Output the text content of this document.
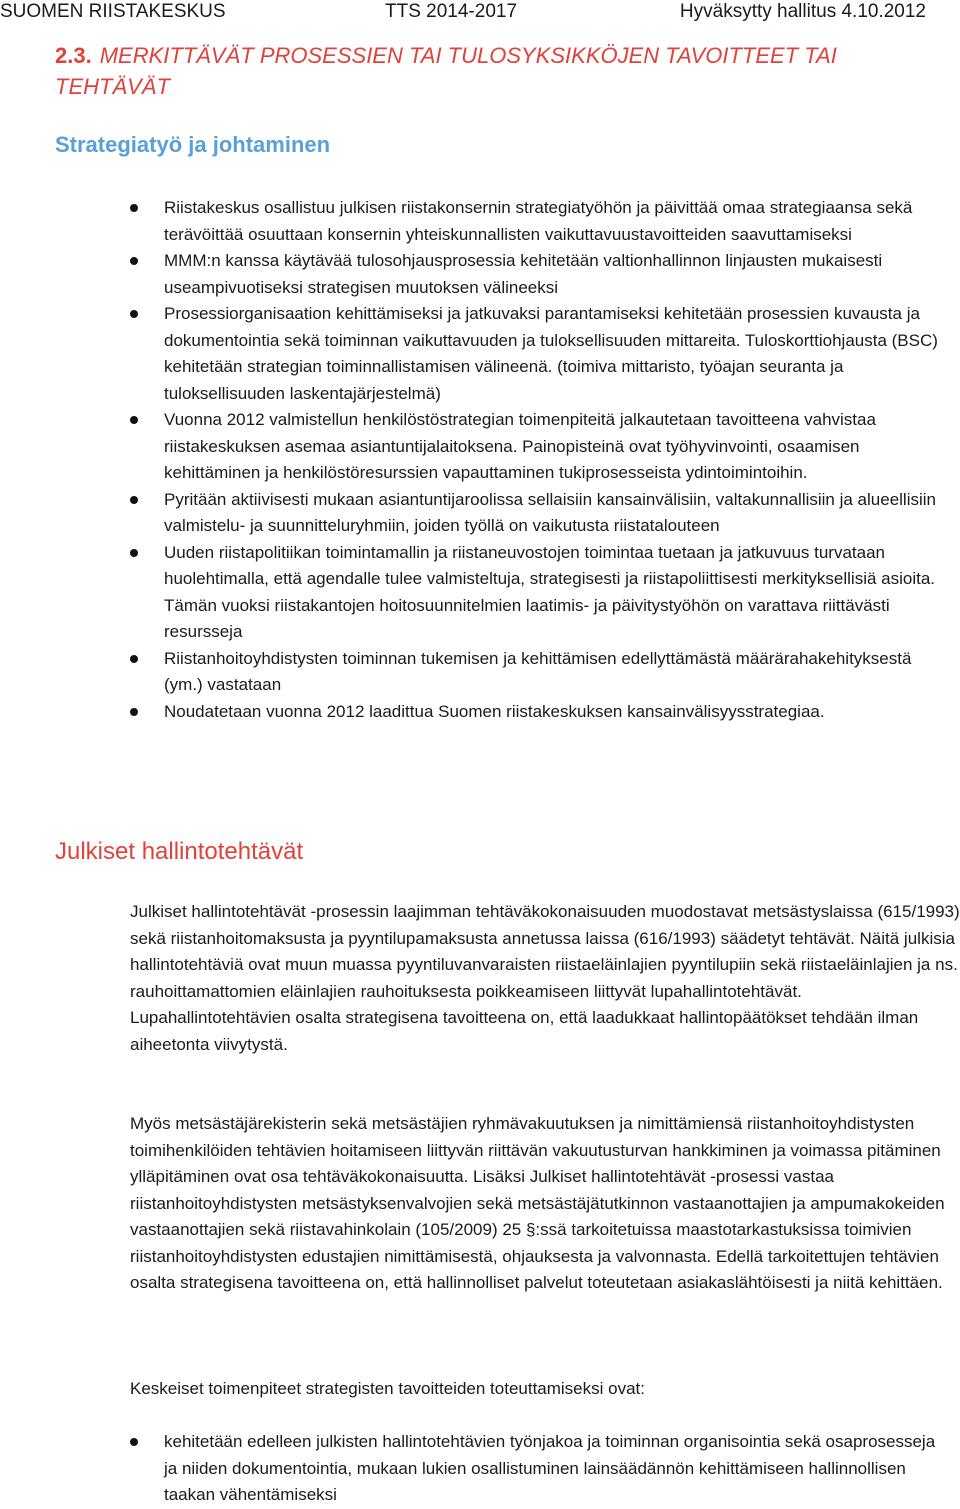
SUOMEN RIISTAKESKUS	TTS 2014-2017	Hyväksytty hallitus 4.10.2012
2.3. MERKITTÄVÄT PROSESSIEN TAI TULOSYKSIKKÖJEN TAVOITTEET TAI TEHTÄVÄT
Strategiatyö ja johtaminen
Riistakeskus osallistuu julkisen riistakonsernin strategiatyöhön ja päivittää omaa strategiaansa sekä terävöittää osuuttaan konsernin yhteiskunnallisten vaikuttavuustavoitteiden saavuttamiseksi
MMM:n kanssa käytävää tulosohjausprosessia kehitetään valtionhallinnon linjausten mukaisesti useampivuotiseksi strategisen muutoksen välineeksi
Prosessiorganisaation kehittämiseksi ja jatkuvaksi parantamiseksi kehitetään prosessien kuvausta ja dokumentointia sekä toiminnan vaikuttavuuden ja tuloksellisuuden mittareita. Tuloskorttiohjausta (BSC) kehitetään strategian toiminnallistamisen välineenä. (toimiva mittaristo, työajan seuranta ja tuloksellisuuden laskentajärjestelmä)
Vuonna 2012 valmistellun henkilöstöstrategian toimenpiteitä jalkautetaan tavoitteena vahvistaa riistakeskuksen asemaa asiantuntijalaitoksena. Painopisteinä ovat työhyvinvointi, osaamisen kehittäminen ja henkilöstöresurssien vapauttaminen tukiprosesseista ydintoimintoihin.
Pyritään aktiivisesti mukaan asiantuntijaroolissa sellaisiin kansainvälisiin, valtakunnallisiin ja alueellisiin valmistelu- ja suunnitteluryhmiin, joiden työllä on vaikutusta riistatalouteen
Uuden riistapolitiikan toimintamallin ja riistaneuvostojen toimintaa tuetaan ja jatkuvuus turvataan huolehtimalla, että agendalle tulee valmisteltuja, strategisesti ja riistapoliittisesti merkityksellisiä asioita. Tämän vuoksi riistakantojen hoitosuunnitelmien laatimis- ja päivitystyöhön on varattava riittävästi resursseja
Riistanhoitoyhdistysten toiminnan tukemisen ja kehittämisen edellyttämästä määrärahakehityksestä (ym.) vastataan
Noudatetaan vuonna 2012 laadittua Suomen riistakeskuksen kansainvälisyysstrategiaa.
Julkiset hallintotehtävät

Julkiset hallintotehtävät -prosessin laajimman tehtäväkokonaisuuden muodostavat metsästyslaissa (615/1993) sekä riistanhoitomaksusta ja pyyntilupamaksusta annetussa laissa (616/1993) säädetyt tehtävät. Näitä julkisia hallintotehtäviä ovat muun muassa pyyntiluvanvaraisten riistaeläinlajien pyyntilupiin sekä riistaeläinlajien ja ns. rauhoittamattomien eläinlajien rauhoituksesta poikkeamiseen liittyvät lupahallintotehtävät. Lupahallintotehtävien osalta strategisena tavoitteena on, että laadukkaat hallintopäätökset tehdään ilman aiheetonta viivytystä.

Myös metsästäjärekisterin sekä metsästäjien ryhmävakuutuksen ja nimittämiensä riistanhoitoyhdistysten toimihenkilöiden tehtävien hoitamiseen liittyvän riittävän vakuutusturvan hankkiminen ja voimassa pitäminen ylläpitäminen ovat osa tehtäväkokonaisuutta. Lisäksi Julkiset hallintotehtävät -prosessi vastaa riistanhoitoyhdistysten metsästyksenvalvojien sekä metsästäjätutkinnon vastaanottajien ja ampumakokeiden vastaanottajien sekä riistavahinkolain (105/2009) 25 §:ssä tarkoitetuissa maastotarkastuksissa toimivien riistanhoitoyhdistysten edustajien nimittämisestä, ohjauksesta ja valvonnasta. Edellä tarkoitettujen tehtävien osalta strategisena tavoitteena on, että hallinnolliset palvelut toteutetaan asiakaslähtöisesti ja niitä kehittäen.

Keskeiset toimenpiteet strategisten tavoitteiden toteuttamiseksi ovat:

kehitetään edelleen julkisten hallintotehtävien työnjakoa ja toiminnan organisointia sekä osaprosesseja ja niiden dokumentointia, mukaan lukien osallistuminen lainsäädännön kehittämiseen hallinnollisen taakan vähentämiseksi
